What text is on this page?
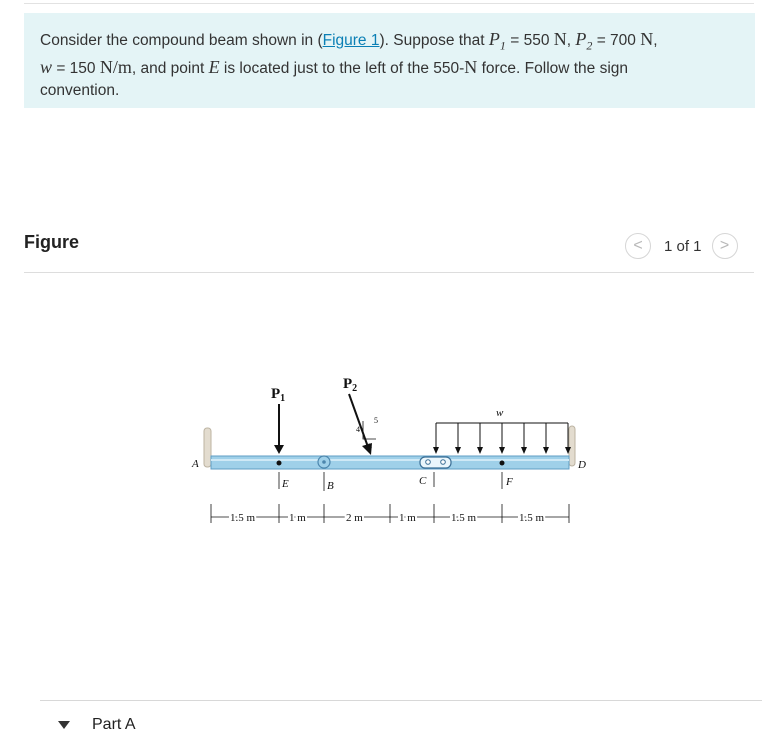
Consider the compound beam shown in (Figure 1). Suppose that $P_1 = 550$ N, $P_2 = 700$ N,
w = 150 N/m, and point E is located just to the left of the 550-N force. Follow the sign
convention.

Figure	< 1 of 1 >
$P_1$
$P_2$
4
5
3
w
A	D
E	B	C	F
1.5 m	1 m	2 m	1 m	1.5 m	1.5 m
Part A
